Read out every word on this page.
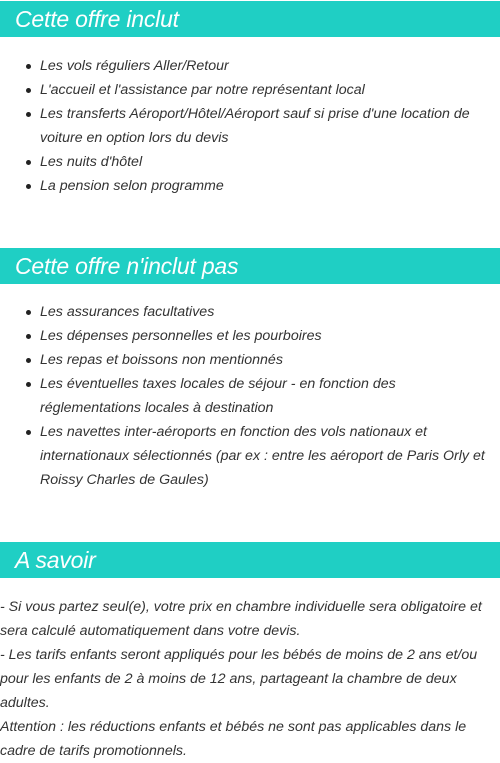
Cette offre inclut
Les vols réguliers Aller/Retour
L'accueil et l'assistance par notre représentant local
Les transferts Aéroport/Hôtel/Aéroport sauf si prise d'une location de voiture en option lors du devis
Les nuits d'hôtel
La pension selon programme
Cette offre n'inclut pas
Les assurances facultatives
Les dépenses personnelles et les pourboires
Les repas et boissons non mentionnés
Les éventuelles taxes locales de séjour - en fonction des réglementations locales à destination
Les navettes inter-aéroports en fonction des vols nationaux et internationaux sélectionnés (par ex : entre les aéroport de Paris Orly et Roissy Charles de Gaules)
A savoir

- Si vous partez seul(e), votre prix en chambre individuelle sera obligatoire et sera calculé automatiquement dans votre devis.

- Les tarifs enfants seront appliqués pour les bébés de moins de 2 ans et/ou pour les enfants de 2 à moins de 12 ans, partageant la chambre de deux adultes.

Attention : les réductions enfants et bébés ne sont pas applicables dans le cadre de tarifs promotionnels.
